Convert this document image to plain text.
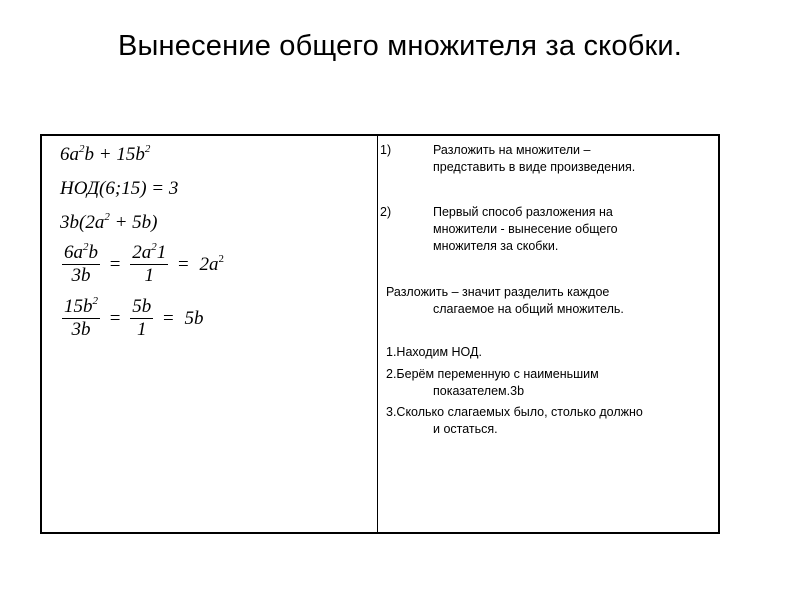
Вынесение общего множителя за скобки.
$6a^2b + 15b^2$
НОД(6;15) = 3
$3b(2a^2 + 5b)$
$\frac{6a^2b}{3b} = \frac{2a^21}{1} = 2a^2$
$\frac{15b^2}{3b} = \frac{5b}{1} = 5b$
1)	Разложить на множители –
представить в виде произведения.
2)	Первый способ разложения на
множители - вынесение общего
множителя за скобки.
Разложить – значит разделить каждое
слагаемое на общий множитель.
1.Находим НОД.
2.Берём переменную с наименьшим
показателем.3b
3.Сколько слагаемых было, столько должно
и остаться.
